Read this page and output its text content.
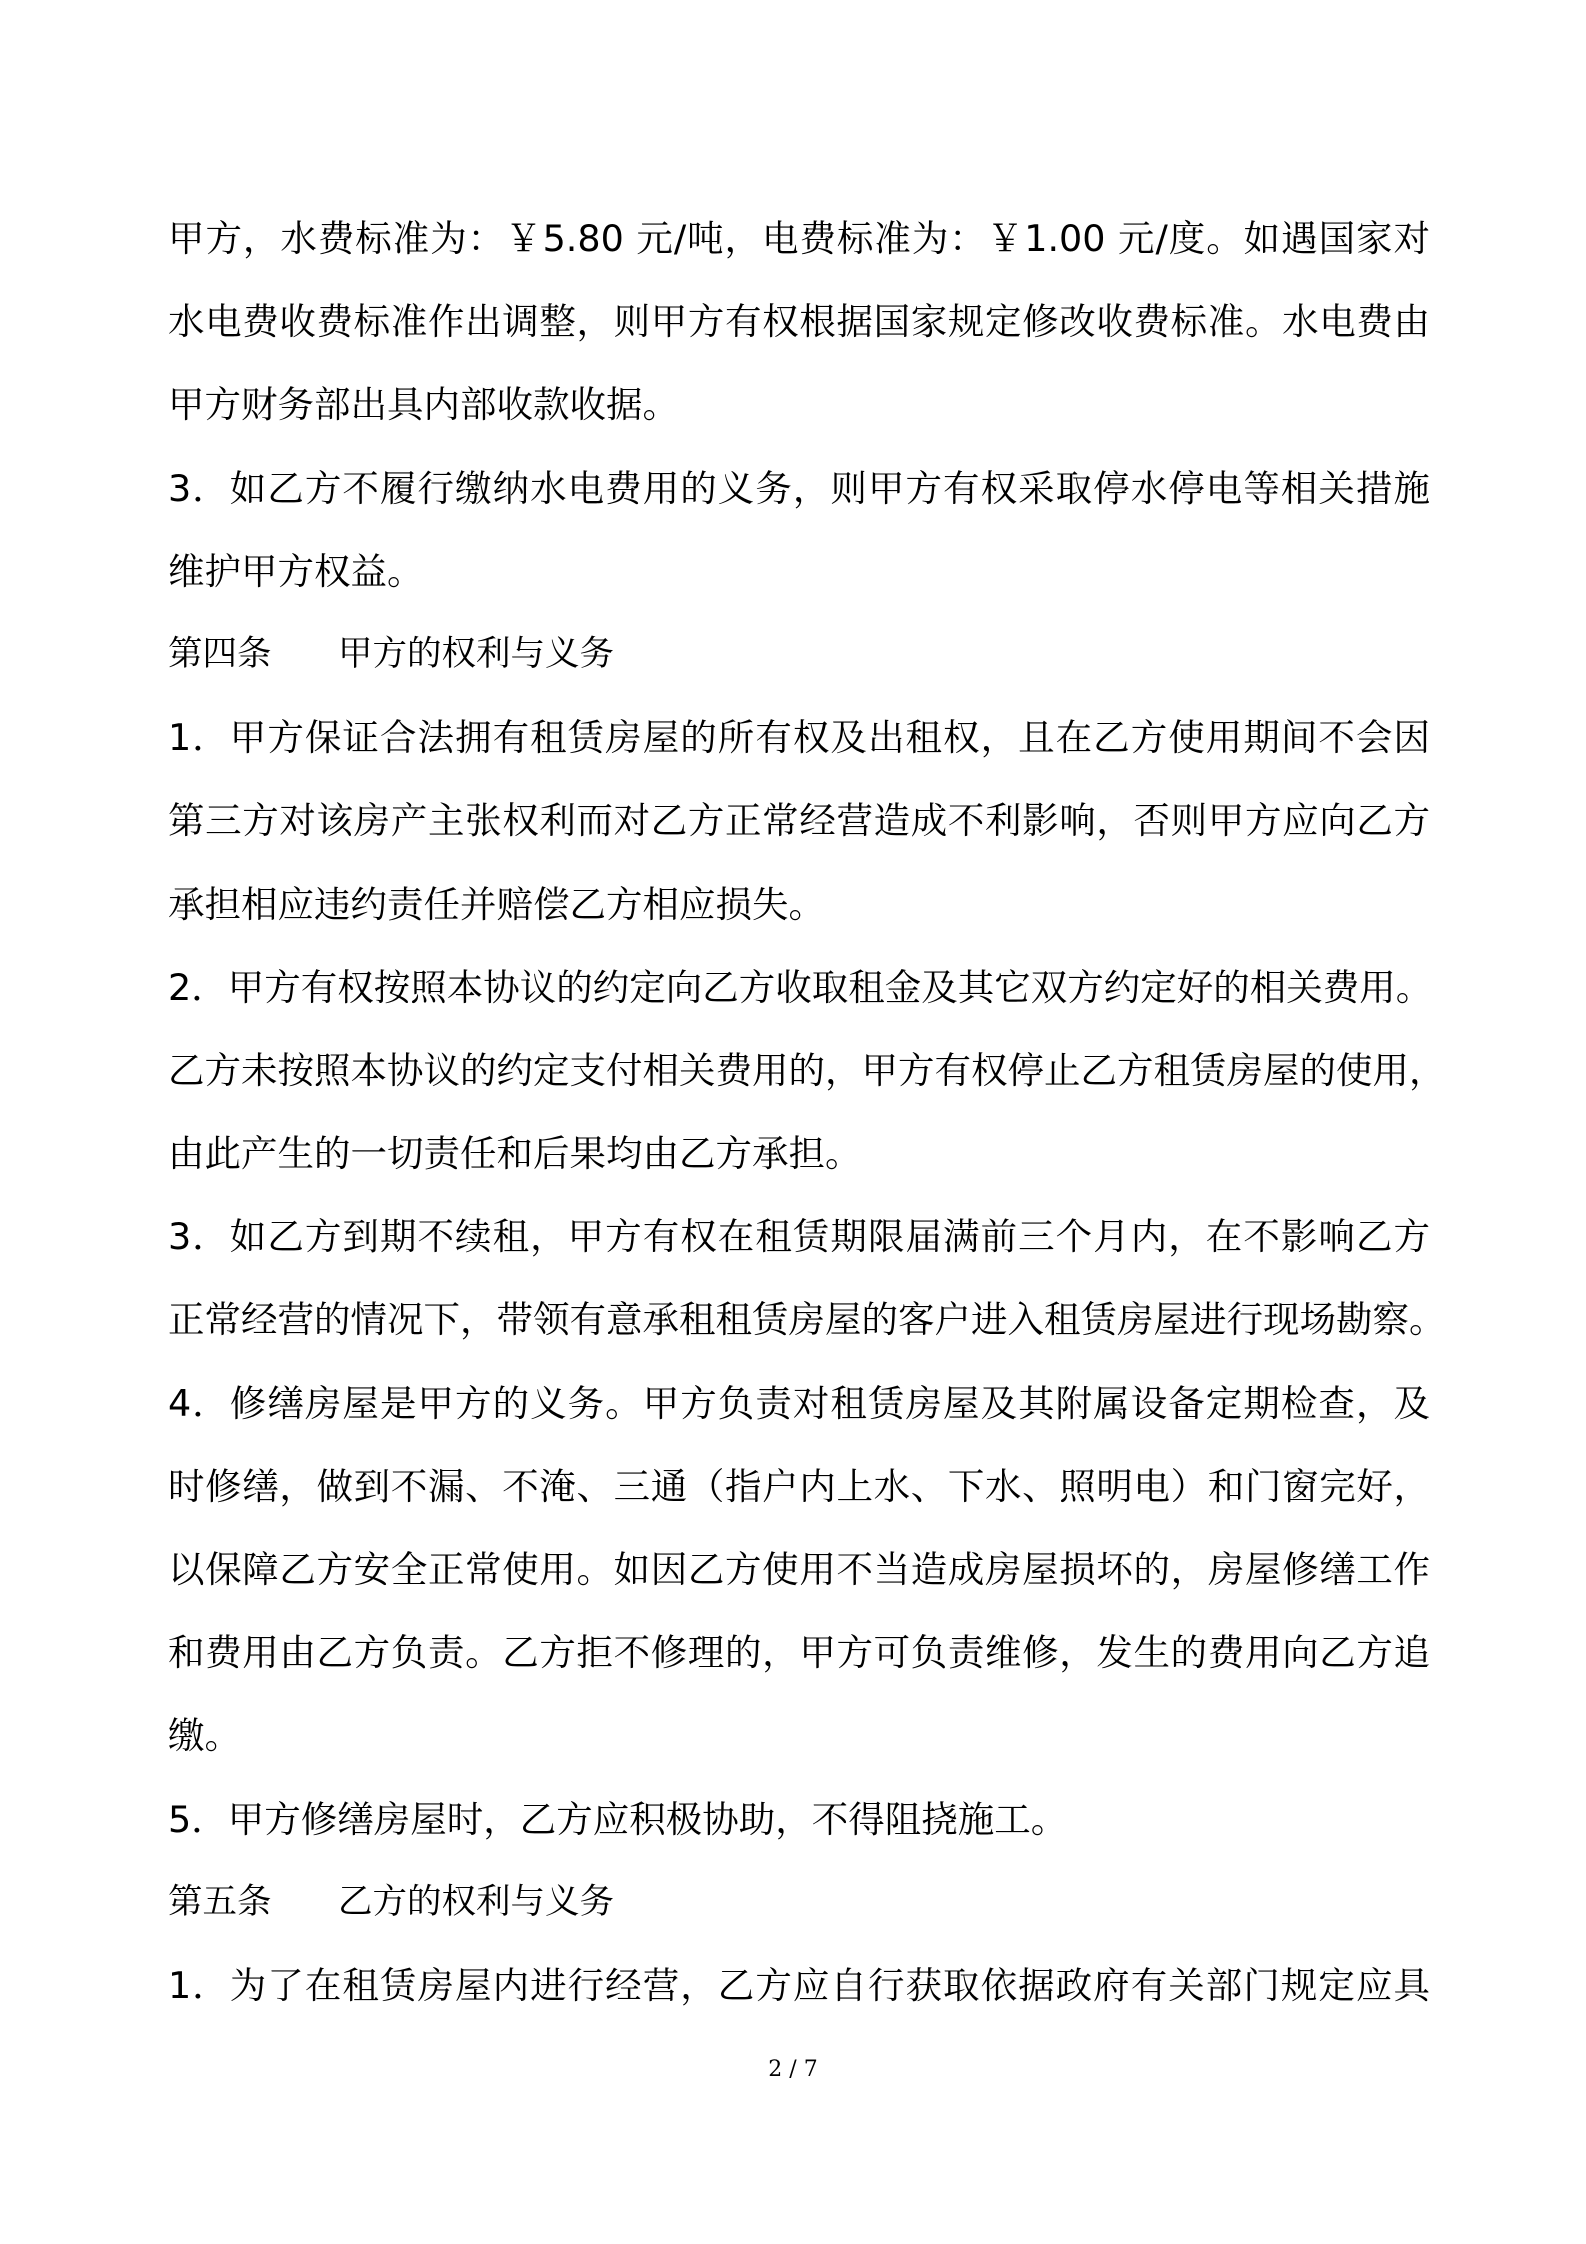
甲方，水费标准为：￥5.80 元/吨，电费标准为：￥1.00 元/度。如遇国家对
水电费收费标准作出调整，则甲方有权根据国家规定修改收费标准。水电费由
甲方财务部出具内部收款收据。
3．如乙方不履行缴纳水电费用的义务，则甲方有权采取停水停电等相关措施
维护甲方权益。
第四条 甲方的权利与义务
1．甲方保证合法拥有租赁房屋的所有权及出租权，且在乙方使用期间不会因
第三方对该房产主张权利而对乙方正常经营造成不利影响，否则甲方应向乙方
承担相应违约责任并赔偿乙方相应损失。
2．甲方有权按照本协议的约定向乙方收取租金及其它双方约定好的相关费用。
乙方未按照本协议的约定支付相关费用的，甲方有权停止乙方租赁房屋的使用，
由此产生的一切责任和后果均由乙方承担。
3．如乙方到期不续租，甲方有权在租赁期限届满前三个月内，在不影响乙方
正常经营的情况下，带领有意承租租赁房屋的客户进入租赁房屋进行现场勘察。
4．修缮房屋是甲方的义务。甲方负责对租赁房屋及其附属设备定期检查，及
时修缮，做到不漏、不淹、三通（指户内上水、下水、照明电）和门窗完好，
以保障乙方安全正常使用。如因乙方使用不当造成房屋损坏的，房屋修缮工作
和费用由乙方负责。乙方拒不修理的，甲方可负责维修，发生的费用向乙方追
缴。
5．甲方修缮房屋时，乙方应积极协助，不得阻挠施工。
第五条 乙方的权利与义务
1．为了在租赁房屋内进行经营，乙方应自行获取依据政府有关部门规定应具
2 / 7
